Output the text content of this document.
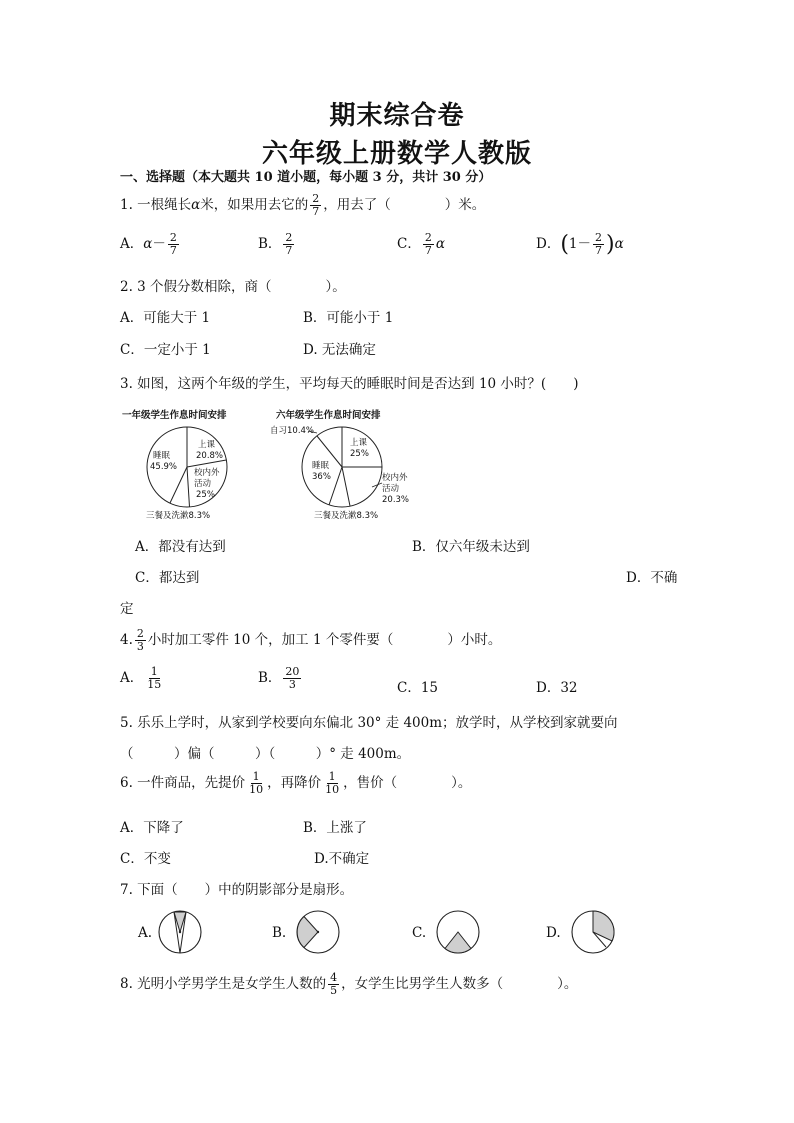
期末综合卷
六年级上册数学人教版
一、选择题（本大题共 10 道小题，每小题 3 分，共计 30 分）
1. 一根绳长α米，如果用去它的 $\frac{2}{7}$ ，用去了（　　　　）米。
A．$\alpha- \frac{2}{7}$	B． $\frac{2}{7}$	C． $\frac{2}{7}$ α	D．$(1- \frac{2}{7} )\alpha$
2. 3 个假分数相除，商（　　　　）。
A．可能大于 1	B．可能小于 1
C．一定小于 1	D. 无法确定
3. 如图，这两个年级的学生，平均每天的睡眠时间是否达到 10 小时？(　　)
一年级学生作息时间安排
上课
20.8%
校内外
活动
25%
睡眠
45.9%
三餐及洗漱8.3%
六年级学生作息时间安排
自习10.4%
上课
25%
校内外
活动
20.3%
睡眠
36%
三餐及洗漱8.3%
A．都没有达到	B．仅六年级未达到
C．都达到	D．不确
定
4. $\frac{2}{3}$ 小时加工零件 10 个，加工 1 个零件要（　　　　）小时。
A． $\frac{1}{15}$	B． $\frac{20}{3}$	C．15	D．32
5. 乐乐上学时，从家到学校要向东偏北 30° 走 400m；放学时，从学校到家就要向
（　　　）偏（　　　）（　　　）° 走 400m。
6. 一件商品，先提价 $\frac{1}{10}$ ，再降价 $\frac{1}{10}$ ，售价（　　　　）。
A．下降了	B．上涨了
C．不变	D.不确定
7. 下面（　　）中的阴影部分是扇形。
A.	B.	C.	D.
8. 光明小学男学生是女学生人数的 $\frac{4}{5}$ ，女学生比男学生人数多（　　　　）。
